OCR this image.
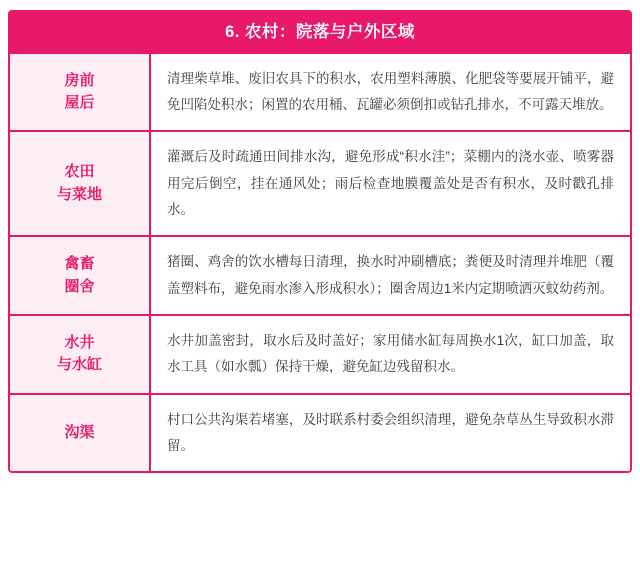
6. 农村：院落与户外区域
房前
屋后	清理柴草堆、废旧农具下的积水，农用塑料薄膜、化肥袋等要展开铺平，避免凹陷处积水；闲置的农用桶、瓦罐必须倒扣或钻孔排水，不可露天堆放。

农田
与菜地	灌溉后及时疏通田间排水沟，避免形成“积水洼”；菜棚内的浇水壶、喷雾器用完后倒空，挂在通风处；雨后检查地膜覆盖处是否有积水，及时戳孔排水。

禽畜
圈舍	猪圈、鸡舍的饮水槽每日清理，换水时冲刷槽底；粪便及时清理并堆肥（覆盖塑料布，避免雨水渗入形成积水）；圈舍周边1米内定期喷洒灭蚊幼药剂。

水井
与水缸	水井加盖密封，取水后及时盖好；家用储水缸每周换水1次，缸口加盖，取水工具（如水瓢）保持干燥，避免缸边残留积水。

沟渠	村口公共沟渠若堵塞，及时联系村委会组织清理，避免杂草丛生导致积水滞留。
